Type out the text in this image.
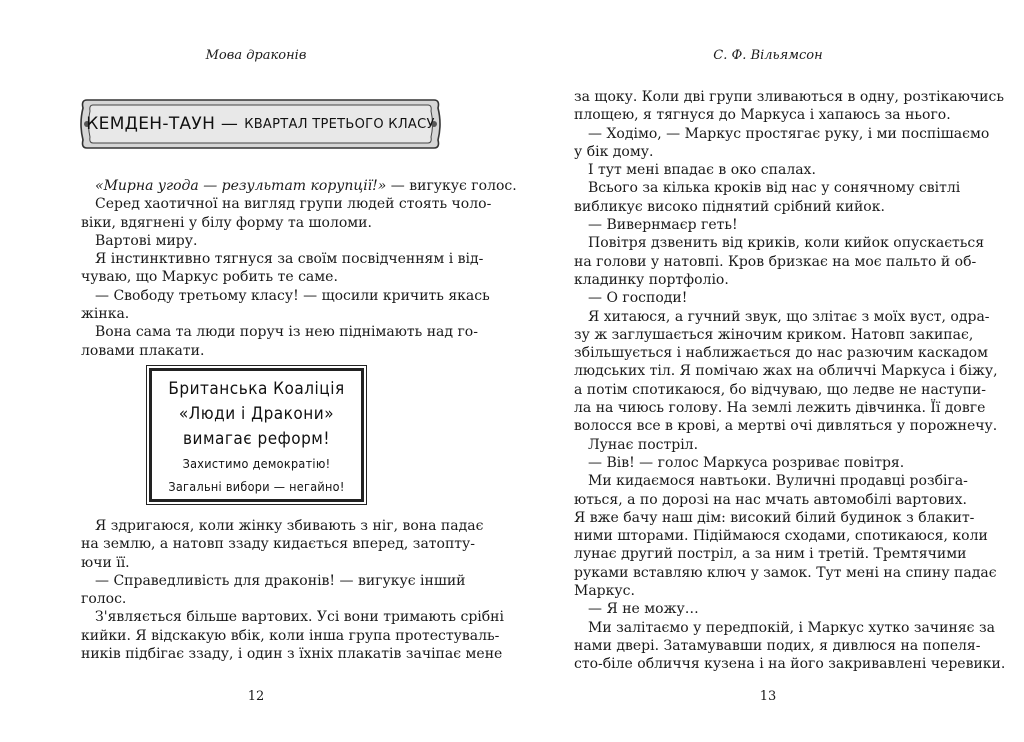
Мова драконів
КЕМДЕН-ТАУН — КВАРТАЛ ТРЕТЬОГО КЛАСУ
«Мирна угода — результат корупції!» — вигукує голос.
Серед хаотичної на вигляд групи людей стоять чоло-
вiки, вдягнені у білу форму та шоломи.
Вартові миру.
Я інстинктивно тягнуся за своїм посвідченням і від-
чуваю, що Маркус робить те саме.
— Свободу третьому класу! — щосили кричить якась
жінка.
Вона сама та люди поруч із нею піднімають над го-
ловами плакати.
Британська Коаліція
«Люди і Дракони»
вимагає реформ!
Захистимо демократію!
Загальні вибори — негайно!
Я здригаюся, коли жінку збивають з ніг, вона падає
на землю, а натовп ззаду кидається вперед, затопту-
ючи її.
— Справедливість для драконів! — вигукує інший
голос.
З'являється більше вартових. Усі вони тримають срібні
кийки. Я відскакую вбік, коли інша група протестуваль-
ників підбігає ззаду, і один з їхніх плакатів зачіпає мене
12
С. Ф. Вільямсон
за щоку. Коли дві групи зливаються в одну, розтікаючись
площею, я тягнуся до Маркуса і хапаюсь за нього.
— Ходімо, — Маркус простягає руку, і ми поспішаємо
у бік дому.
І тут мені впадає в око спалах.
Всього за кілька кроків від нас у сонячному світлі
вибликує високо піднятий срібний кийок.
— Вивернмаєр геть!
Повітря дзвенить від криків, коли кийок опускається
на голови у натовпі. Кров бризкає на моє пальто й об-
кладинку портфоліо.
— О господи!
Я хитаюся, а гучний звук, що злітає з моїх вуст, одра-
зу ж заглушається жіночим криком. Натовп закипає,
збільшується і наближається до нас разючим каскадом
людських тіл. Я помічаю жах на обличчі Маркуса і біжу,
а потім спотикаюся, бо відчуваю, що ледве не наступи-
ла на чиюсь голову. На землі лежить дівчинка. Її довге
волосся все в крові, а мертві очі дивляться у порожнечу.
Лунає постріл.
— Вів! — голос Маркуса розриває повітря.
Ми кидаємося навтьоки. Вуличні продавці розбіга-
ються, а по дорозі на нас мчать автомобілі вартових.
Я вже бачу наш дім: високий білий будинок з блакит-
ними шторами. Підіймаюся сходами, спотикаюся, коли
лунає другий постріл, а за ним і третій. Тремтячими
руками вставляю ключ у замок. Тут мені на спину падає
Маркус.
— Я не можу…
Ми залітаємо у передпокій, і Маркус хутко зачиняє за
нами двері. Затамувавши подих, я дивлюся на попеля-
сто-біле обличчя кузена і на його закривавлені черевики.
13
